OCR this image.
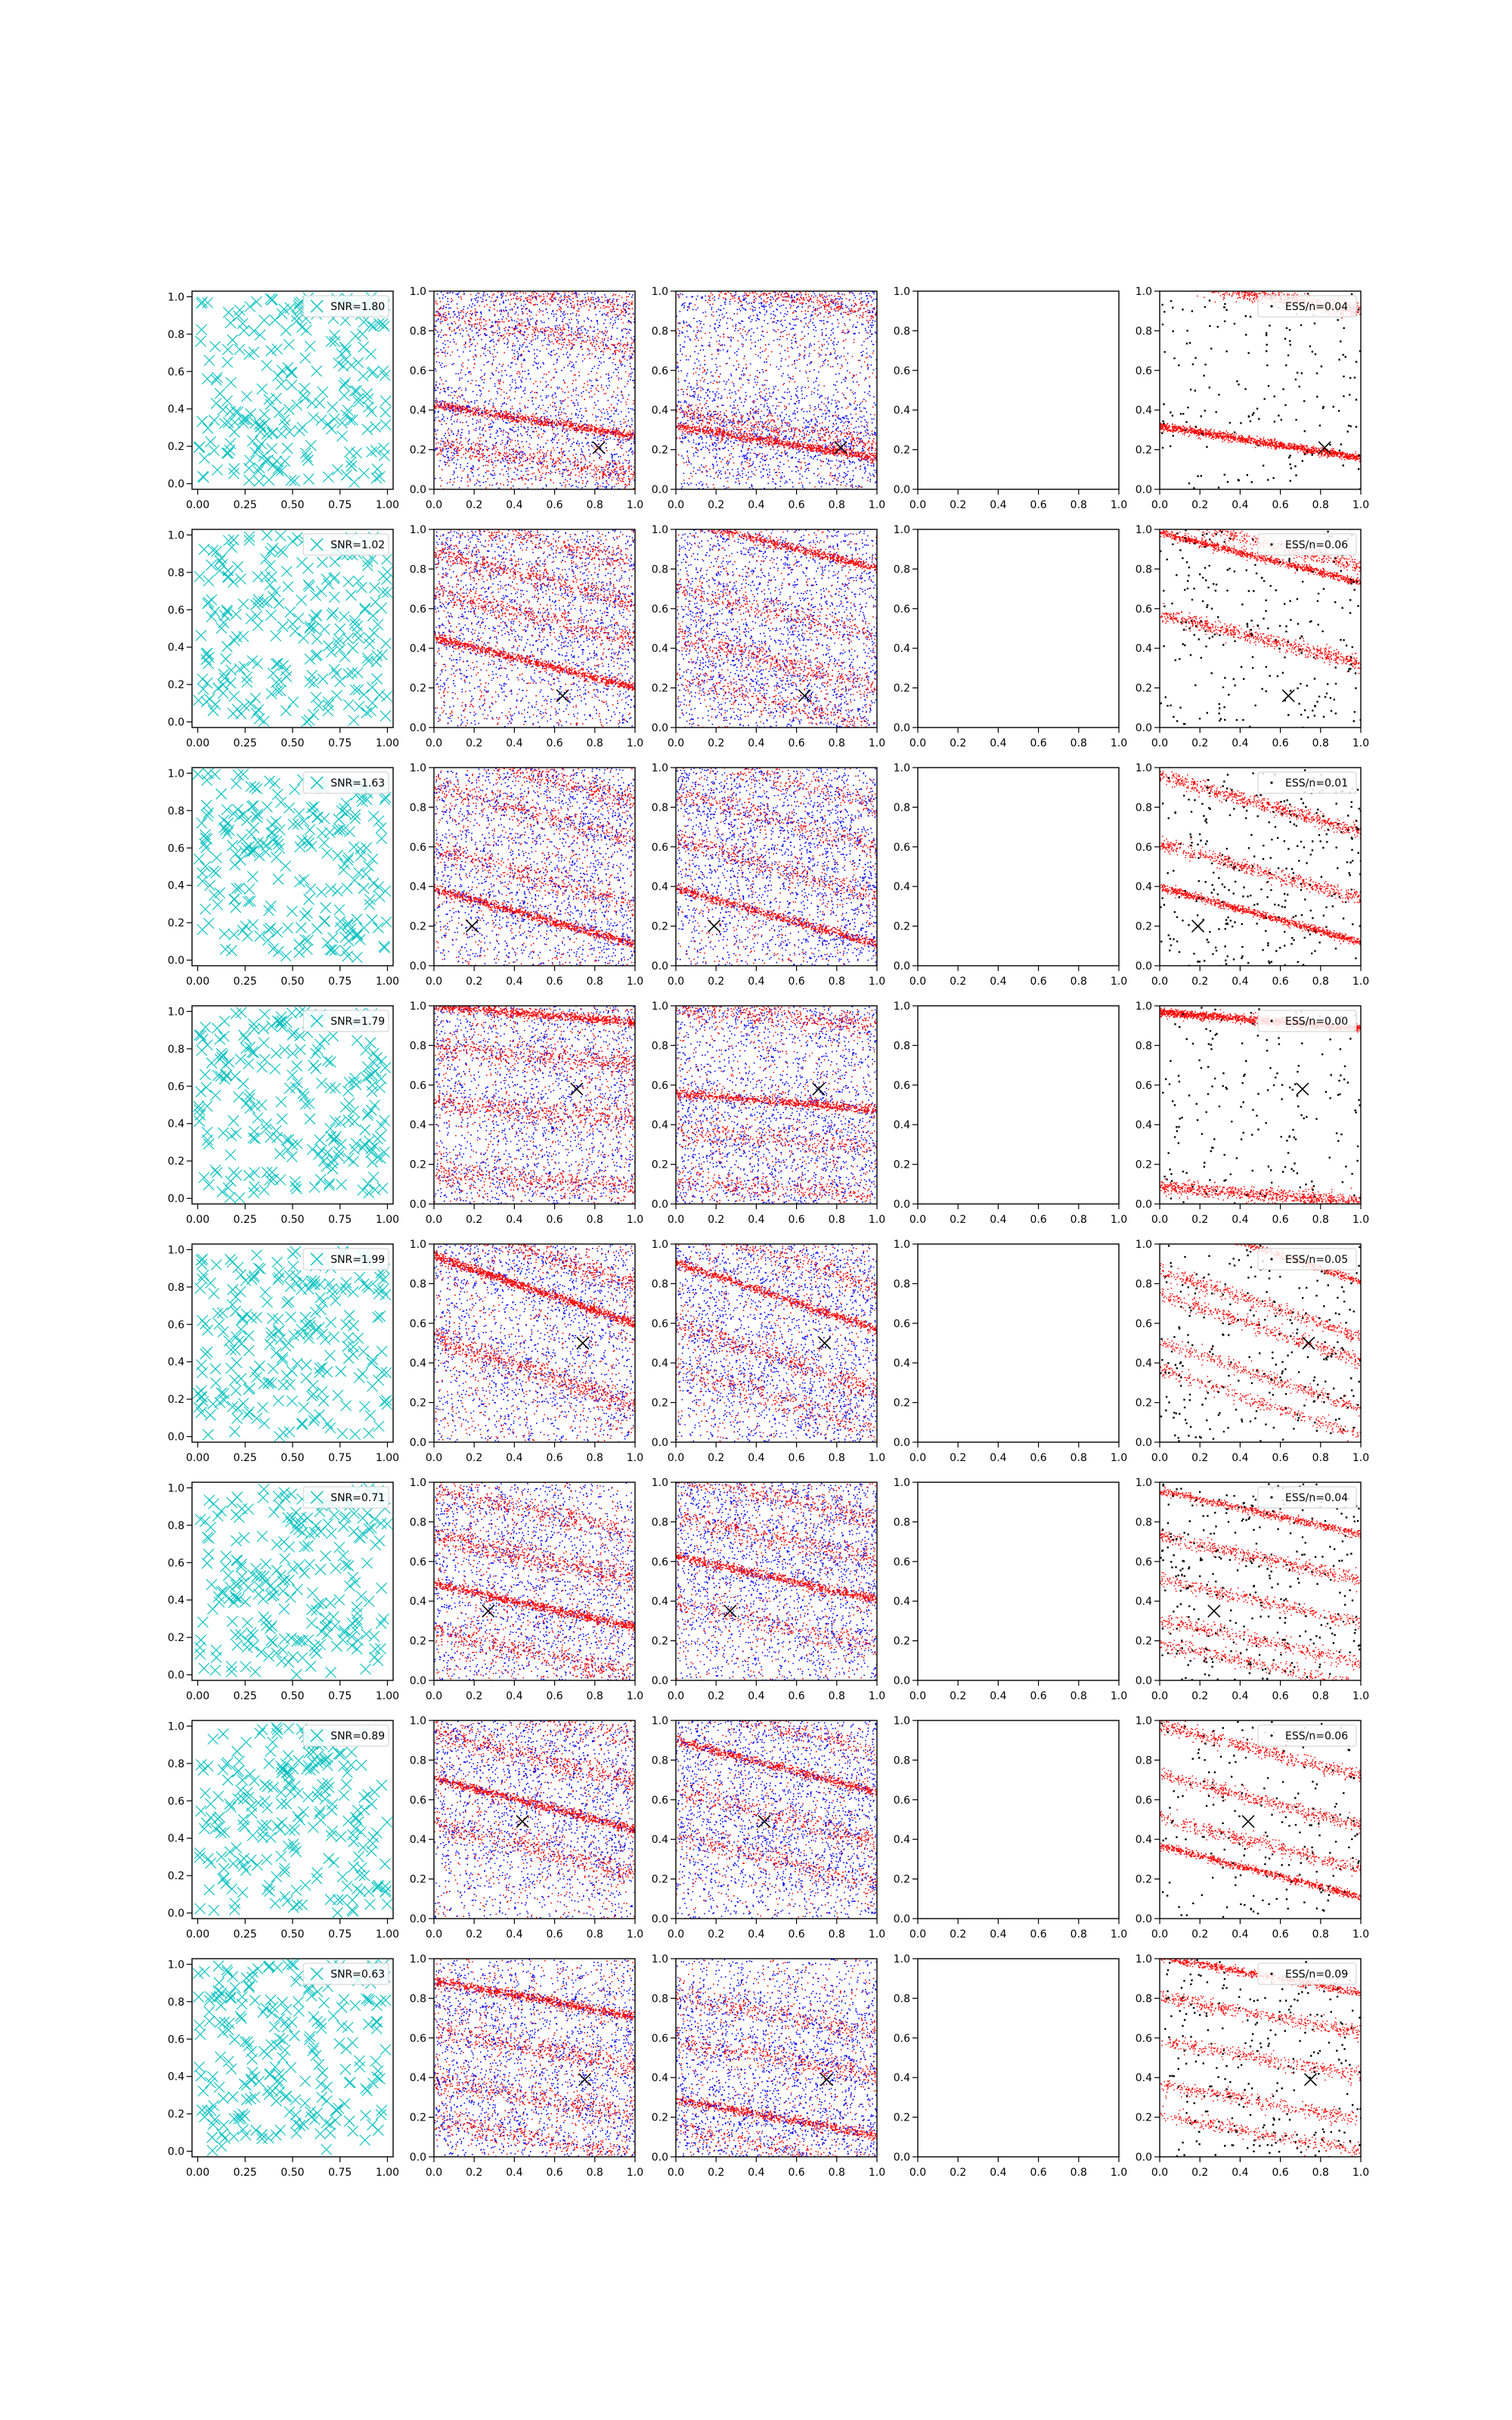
0.00 0.25 0.50 0.75 1.00
0.0
0.2
0.4
0.6
0.8
1.0
SNR=1.80
0.0 0.2 0.4 0.6 0.8 1.0
0.0
0.2
0.4
0.6
0.8
1.0
0.0 0.2 0.4 0.6 0.8 1.0
0.0
0.2
0.4
0.6
0.8
1.0
0.0 0.2 0.4 0.6 0.8 1.0
0.0
0.2
0.4
0.6
0.8
1.0
0.0 0.2 0.4 0.6 0.8 1.0
0.0
0.2
0.4
0.6
0.8
1.0
ESS/n=0.04
0.00 0.25 0.50 0.75 1.00
0.0
0.2
0.4
0.6
0.8
1.0
SNR=1.02
0.0 0.2 0.4 0.6 0.8 1.0
0.0
0.2
0.4
0.6
0.8
1.0
0.0 0.2 0.4 0.6 0.8 1.0
0.0
0.2
0.4
0.6
0.8
1.0
0.0 0.2 0.4 0.6 0.8 1.0
0.0
0.2
0.4
0.6
0.8
1.0
0.0 0.2 0.4 0.6 0.8 1.0
0.0
0.2
0.4
0.6
0.8
1.0
ESS/n=0.06
0.00 0.25 0.50 0.75 1.00
0.0
0.2
0.4
0.6
0.8
1.0
SNR=1.63
0.0 0.2 0.4 0.6 0.8 1.0
0.0
0.2
0.4
0.6
0.8
1.0
0.0 0.2 0.4 0.6 0.8 1.0
0.0
0.2
0.4
0.6
0.8
1.0
0.0 0.2 0.4 0.6 0.8 1.0
0.0
0.2
0.4
0.6
0.8
1.0
0.0 0.2 0.4 0.6 0.8 1.0
0.0
0.2
0.4
0.6
0.8
1.0
ESS/n=0.01
0.00 0.25 0.50 0.75 1.00
0.0
0.2
0.4
0.6
0.8
1.0
SNR=1.79
0.0 0.2 0.4 0.6 0.8 1.0
0.0
0.2
0.4
0.6
0.8
1.0
0.0 0.2 0.4 0.6 0.8 1.0
0.0
0.2
0.4
0.6
0.8
1.0
0.0 0.2 0.4 0.6 0.8 1.0
0.0
0.2
0.4
0.6
0.8
1.0
0.0 0.2 0.4 0.6 0.8 1.0
0.0
0.2
0.4
0.6
0.8
1.0
ESS/n=0.00
0.00 0.25 0.50 0.75 1.00
0.0
0.2
0.4
0.6
0.8
1.0
SNR=1.99
0.0 0.2 0.4 0.6 0.8 1.0
0.0
0.2
0.4
0.6
0.8
1.0
0.0 0.2 0.4 0.6 0.8 1.0
0.0
0.2
0.4
0.6
0.8
1.0
0.0 0.2 0.4 0.6 0.8 1.0
0.0
0.2
0.4
0.6
0.8
1.0
0.0 0.2 0.4 0.6 0.8 1.0
0.0
0.2
0.4
0.6
0.8
1.0
ESS/n=0.05
0.00 0.25 0.50 0.75 1.00
0.0
0.2
0.4
0.6
0.8
1.0
SNR=0.71
0.0 0.2 0.4 0.6 0.8 1.0
0.0
0.2
0.4
0.6
0.8
1.0
0.0 0.2 0.4 0.6 0.8 1.0
0.0
0.2
0.4
0.6
0.8
1.0
0.0 0.2 0.4 0.6 0.8 1.0
0.0
0.2
0.4
0.6
0.8
1.0
0.0 0.2 0.4 0.6 0.8 1.0
0.0
0.2
0.4
0.6
0.8
1.0
ESS/n=0.04
0.00 0.25 0.50 0.75 1.00
0.0
0.2
0.4
0.6
0.8
1.0
SNR=0.89
0.0 0.2 0.4 0.6 0.8 1.0
0.0
0.2
0.4
0.6
0.8
1.0
0.0 0.2 0.4 0.6 0.8 1.0
0.0
0.2
0.4
0.6
0.8
1.0
0.0 0.2 0.4 0.6 0.8 1.0
0.0
0.2
0.4
0.6
0.8
1.0
0.0 0.2 0.4 0.6 0.8 1.0
0.0
0.2
0.4
0.6
0.8
1.0
ESS/n=0.06
0.00 0.25 0.50 0.75 1.00
0.0
0.2
0.4
0.6
0.8
1.0
SNR=0.63
0.0 0.2 0.4 0.6 0.8 1.0
0.0
0.2
0.4
0.6
0.8
1.0
0.0 0.2 0.4 0.6 0.8 1.0
0.0
0.2
0.4
0.6
0.8
1.0
0.0 0.2 0.4 0.6 0.8 1.0
0.0
0.2
0.4
0.6
0.8
1.0
0.0 0.2 0.4 0.6 0.8 1.0
0.0
0.2
0.4
0.6
0.8
1.0
ESS/n=0.09
